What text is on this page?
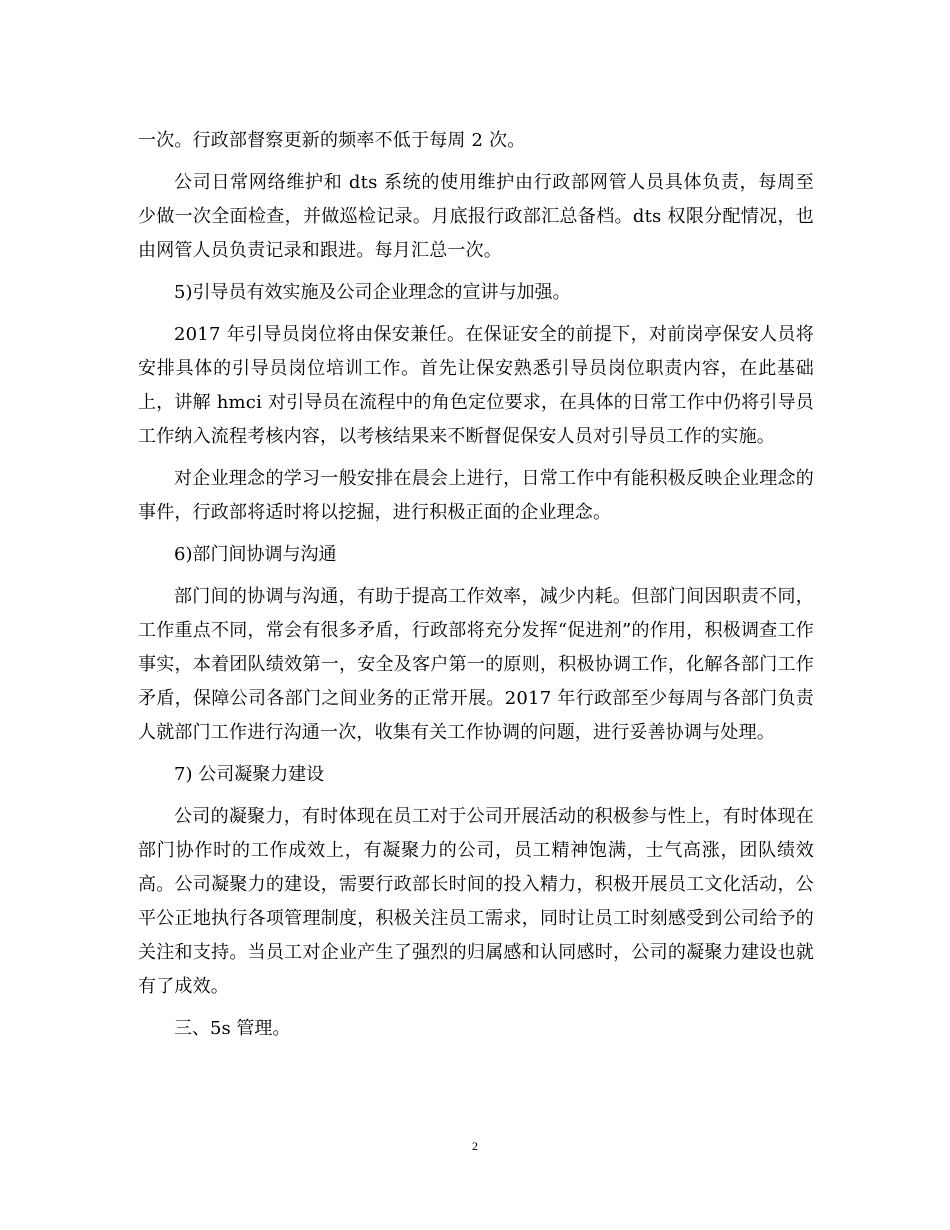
一次。行政部督察更新的频率不低于每周 2 次。

公司日常网络维护和 dts 系统的使用维护由行政部网管人员具体负责，每周至少做一次全面检查，并做巡检记录。月底报行政部汇总备档。dts 权限分配情况，也由网管人员负责记录和跟进。每月汇总一次。

5)引导员有效实施及公司企业理念的宣讲与加强。

2017 年引导员岗位将由保安兼任。在保证安全的前提下，对前岗亭保安人员将安排具体的引导员岗位培训工作。首先让保安熟悉引导员岗位职责内容，在此基础上，讲解 hmci 对引导员在流程中的角色定位要求，在具体的日常工作中仍将引导员工作纳入流程考核内容，以考核结果来不断督促保安人员对引导员工作的实施。

对企业理念的学习一般安排在晨会上进行，日常工作中有能积极反映企业理念的事件，行政部将适时将以挖掘，进行积极正面的企业理念。

6)部门间协调与沟通

部门间的协调与沟通，有助于提高工作效率，减少内耗。但部门间因职责不同，工作重点不同，常会有很多矛盾，行政部将充分发挥“促进剂”的作用，积极调查工作事实，本着团队绩效第一，安全及客户第一的原则，积极协调工作，化解各部门工作矛盾，保障公司各部门之间业务的正常开展。2017 年行政部至少每周与各部门负责人就部门工作进行沟通一次，收集有关工作协调的问题，进行妥善协调与处理。

7) 公司凝聚力建设

公司的凝聚力，有时体现在员工对于公司开展活动的积极参与性上，有时体现在部门协作时的工作成效上，有凝聚力的公司，员工精神饱满，士气高涨，团队绩效高。公司凝聚力的建设，需要行政部长时间的投入精力，积极开展员工文化活动，公平公正地执行各项管理制度，积极关注员工需求，同时让员工时刻感受到公司给予的关注和支持。当员工对企业产生了强烈的归属感和认同感时，公司的凝聚力建设也就有了成效。

三、5s 管理。

2
